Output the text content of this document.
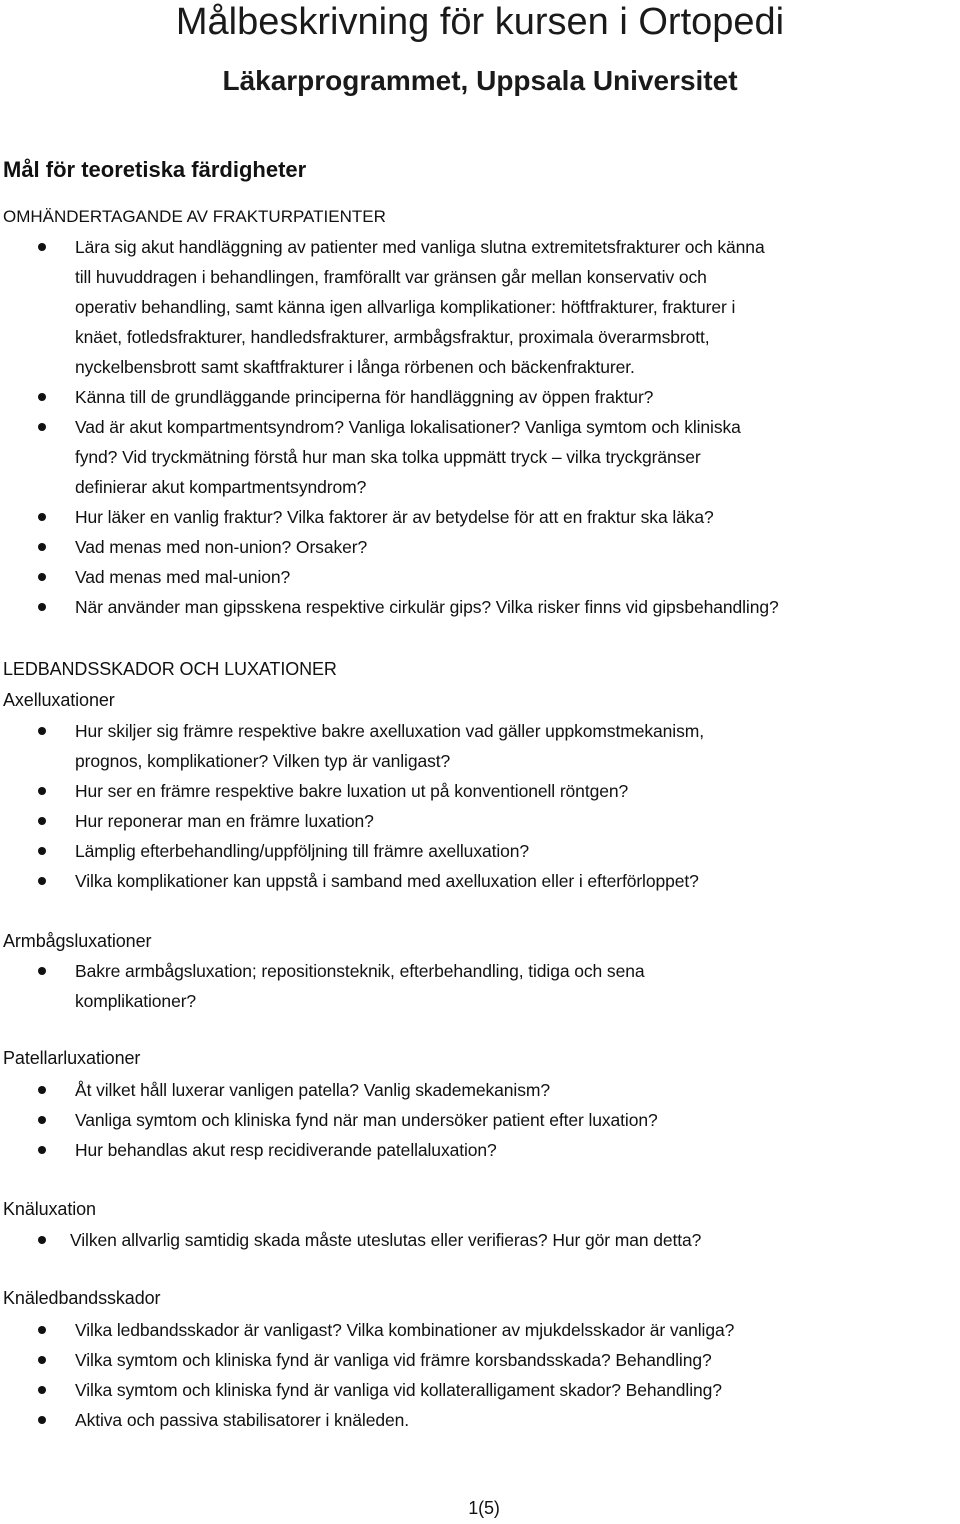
Målbeskrivning för kursen i Ortopedi
Läkarprogrammet, Uppsala Universitet
Mål för teoretiska färdigheter
OMHÄNDERTAGANDE AV FRAKTURPATIENTER
Lära sig akut handläggning av patienter med vanliga slutna extremitetsfrakturer och känna
till huvuddragen i behandlingen, framförallt var gränsen går mellan konservativ och
operativ behandling, samt känna igen allvarliga komplikationer: höftfrakturer, frakturer i
knäet, fotledsfrakturer, handledsfrakturer, armbågsfraktur, proximala överarmsbrott,
nyckelbensbrott samt skaftfrakturer i långa rörbenen och bäckenfrakturer.
Känna till de grundläggande principerna för handläggning av öppen fraktur?
Vad är akut kompartmentsyndrom? Vanliga lokalisationer? Vanliga symtom och kliniska
fynd? Vid tryckmätning förstå hur man ska tolka uppmätt tryck – vilka tryckgränser
definierar akut kompartmentsyndrom?
Hur läker en vanlig fraktur? Vilka faktorer är av betydelse för att en fraktur ska läka?
Vad menas med non-union? Orsaker?
Vad menas med mal-union?
När använder man gipsskena respektive cirkulär gips? Vilka risker finns vid gipsbehandling?
LEDBANDSSKADOR OCH LUXATIONER
Axelluxationer
Hur skiljer sig främre respektive bakre axelluxation vad gäller uppkomstmekanism,
prognos, komplikationer? Vilken typ är vanligast?
Hur ser en främre respektive bakre luxation ut på konventionell röntgen?
Hur reponerar man en främre luxation?
Lämplig efterbehandling/uppföljning till främre axelluxation?
Vilka komplikationer kan uppstå i samband med axelluxation eller i efterförloppet?
Armbågsluxationer
Bakre armbågsluxation; repositionsteknik, efterbehandling, tidiga och sena
komplikationer?
Patellarluxationer
Åt vilket håll luxerar vanligen patella? Vanlig skademekanism?
Vanliga symtom och kliniska fynd när man undersöker patient efter luxation?
Hur behandlas akut resp recidiverande patellaluxation?
Knäluxation
Vilken allvarlig samtidig skada måste uteslutas eller verifieras? Hur gör man detta?
Knäledbandsskador
Vilka ledbandsskador är vanligast? Vilka kombinationer av mjukdelsskador är vanliga?
Vilka symtom och kliniska fynd är vanliga vid främre korsbandsskada? Behandling?
Vilka symtom och kliniska fynd är vanliga vid kollateralligament skador? Behandling?
Aktiva och passiva stabilisatorer i knäleden.
1(5)
